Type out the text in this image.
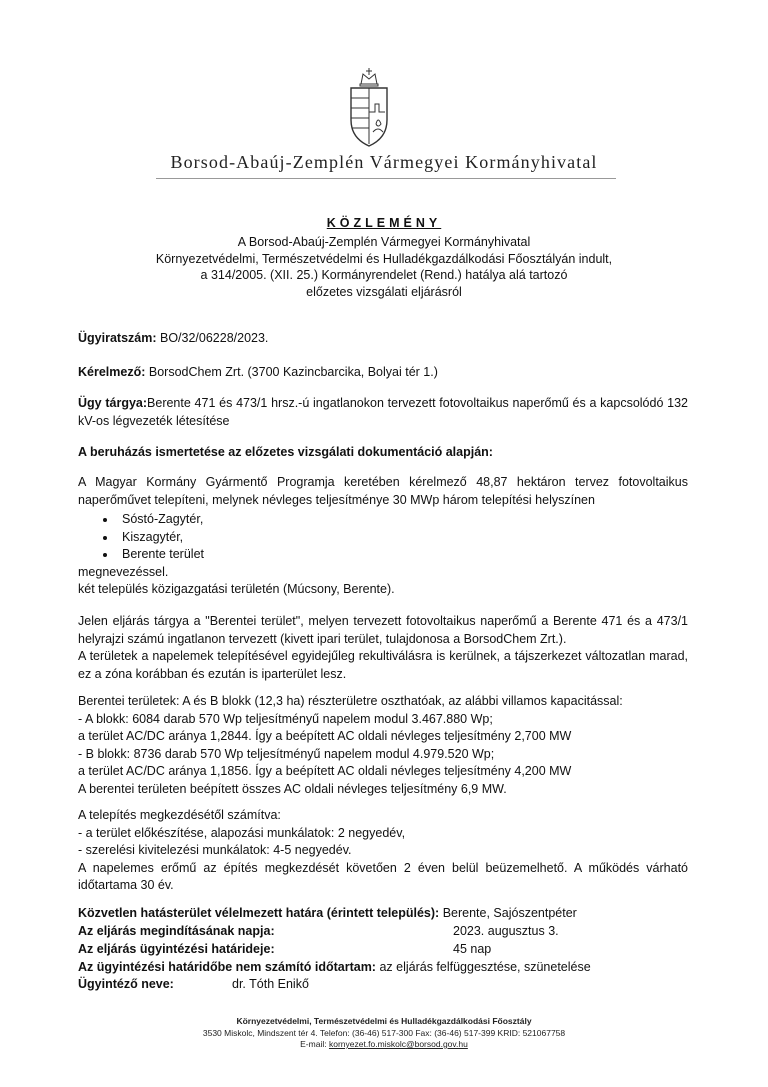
Borsod-Abaúj-Zemplén Vármegyei Kormányhivatal
KÖZLEMÉNY
A Borsod-Abaúj-Zemplén Vármegyei Kormányhivatal
Környezetvédelmi, Természetvédelmi és Hulladékgazdálkodási Főosztályán indult,
a 314/2005. (XII. 25.) Kormányrendelet (Rend.) hatálya alá tartozó
előzetes vizsgálati eljárásról
Ügyiratszám: BO/32/06228/2023.
Kérelmező: BorsodChem Zrt. (3700 Kazincbarcika, Bolyai tér 1.)

Ügy tárgya:Berente 471 és 473/1 hrsz.-ú ingatlanokon tervezett fotovoltaikus naperőmű és a kapcsolódó 132 kV-os légvezeték létesítése

A beruházás ismertetése az előzetes vizsgálati dokumentáció alapján:

A Magyar Kormány Gyármentő Programja keretében kérelmező 48,87 hektáron tervez fotovoltaikus naperőművet telepíteni, melynek névleges teljesítménye 30 MWp három telepítési helyszínen

Sóstó-Zagytér,
Kiszagytér,
Berente terület
megnevezéssel.
két település közigazgatási területén (Múcsony, Berente).

Jelen eljárás tárgya a "Berentei terület", melyen tervezett fotovoltaikus naperőmű a Berente 471 és a 473/1 helyrajzi számú ingatlanon tervezett (kivett ipari terület, tulajdonosa a BorsodChem Zrt.).

A területek a napelemek telepítésével egyidejűleg rekultiválásra is kerülnek, a tájszerkezet változatlan marad, ez a zóna korábban és ezután is iparterület lesz.

Berentei területek: A és B blokk (12,3 ha) részterületre oszthatóak, az alábbi villamos kapacitással:

- A blokk: 6084 darab 570 Wp teljesítményű napelem modul 3.467.880 Wp;

a terület AC/DC aránya 1,2844. Így a beépített AC oldali névleges teljesítmény 2,700 MW

- B blokk: 8736 darab 570 Wp teljesítményű napelem modul 4.979.520 Wp;

a terület AC/DC aránya 1,1856. Így a beépített AC oldali névleges teljesítmény 4,200 MW

A berentei területen beépített összes AC oldali névleges teljesítmény 6,9 MW.

A telepítés megkezdésétől számítva:

- a terület előkészítése, alapozási munkálatok: 2 negyedév,

- szerelési kivitelezési munkálatok: 4-5 negyedév.

A napelemes erőmű az építés megkezdését követően 2 éven belül beüzemelhető. A működés várható időtartama 30 év.

Közvetlen hatásterület vélelmezett határa (érintett település): Berente, Sajószentpéter
Az eljárás megindításának napja:	2023. augusztus 3.
Az eljárás ügyintézési határideje:	45 nap
Az ügyintézési határidőbe nem számító időtartam: az eljárás felfüggesztése, szünetelése
Ügyintéző neve:	dr. Tóth Enikő
Környezetvédelmi, Természetvédelmi és Hulladékgazdálkodási Főosztály
3530 Miskolc, Mindszent tér 4. Telefon: (36-46) 517-300 Fax: (36-46) 517-399 KRID: 521067758
E-mail: kornyezet.fo.miskolc@borsod.gov.hu
